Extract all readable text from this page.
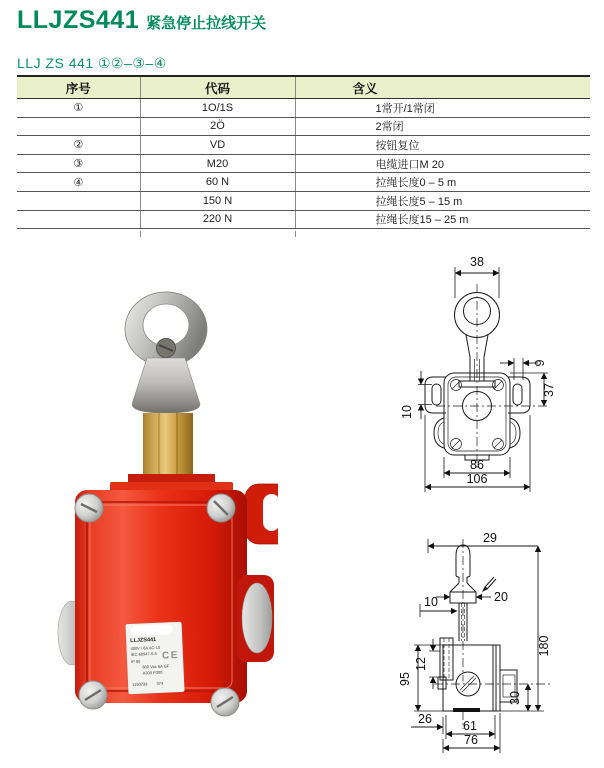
LLJZS441 紧急停止拉线开关
LLJ ZS 441 ①②–③–④
序号	代码	含义
①	1O/1S	1常开/1常闭
	2Ö	2常闭
②	VD	按钮复位
③	M20	电缆进口M 20
④	60 N	拉绳长度0 – 5 m
	150 N	拉绳长度5 – 15 m
	220 N	拉绳长度15 – 25 m
LLJZS441
400V / 6A AC-15
IEC 60947-5-5
IP 65
600 Vac 6A GF
A300 P300
1150739 374
CE
38
9
37
10
86
106
29
180
20
10
12
95
30
26 61
76
